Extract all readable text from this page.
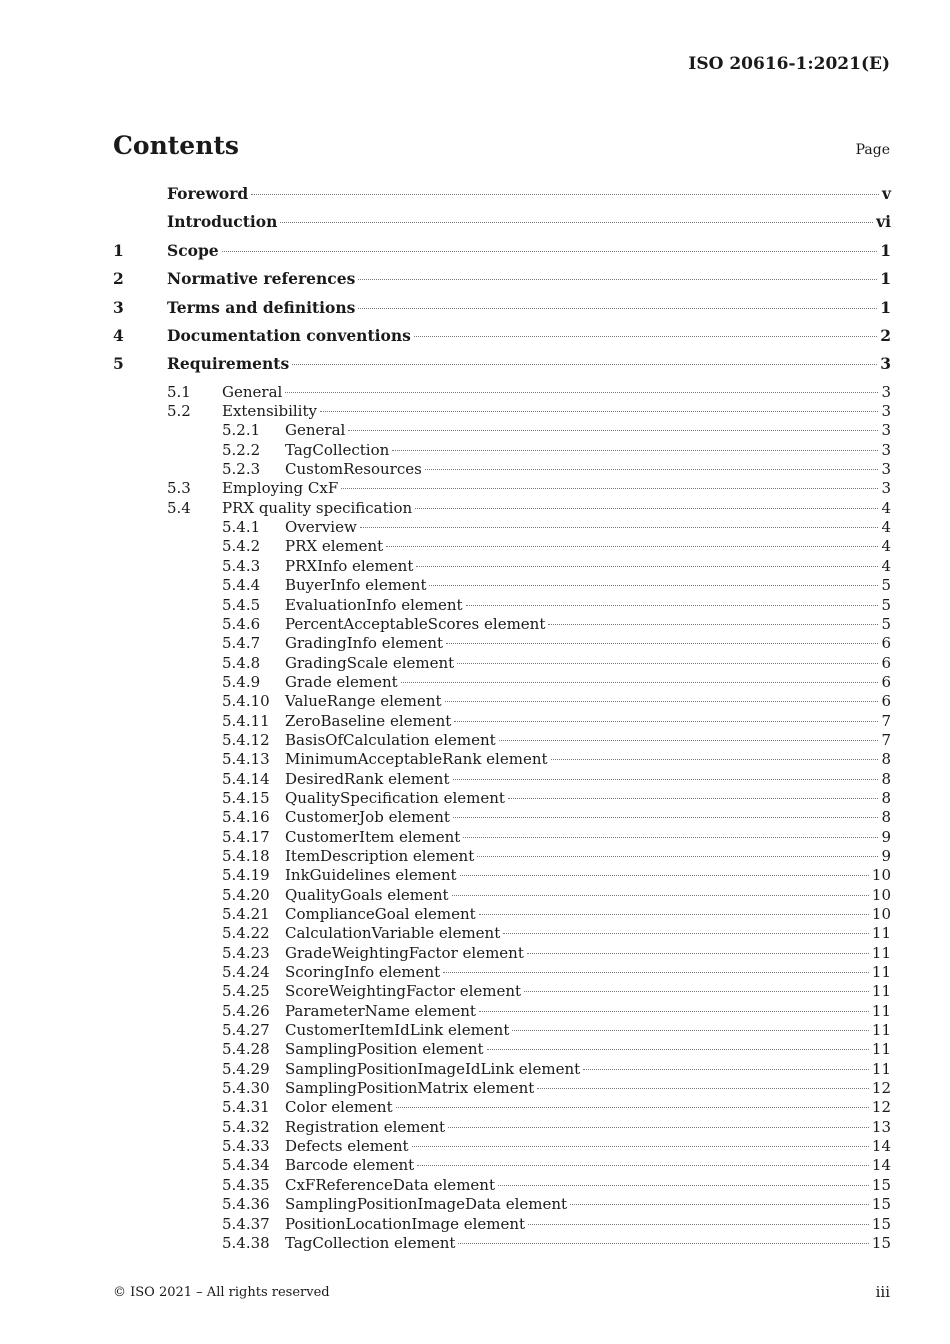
ISO 20616-1:2021(E)
Contents	Page
Foreword	v
Introduction	vi
1	Scope	1
2	Normative references	1
3	Terms and definitions	1
4	Documentation conventions	2
5	Requirements	3
5.1	General	3
5.2	Extensibility	3
5.2.1	General	3
5.2.2	TagCollection	3
5.2.3	CustomResources	3
5.3	Employing CxF	3
5.4	PRX quality specification	4
5.4.1	Overview	4
5.4.2	PRX element	4
5.4.3	PRXInfo element	4
5.4.4	BuyerInfo element	5
5.4.5	EvaluationInfo element	5
5.4.6	PercentAcceptableScores element	5
5.4.7	GradingInfo element	6
5.4.8	GradingScale element	6
5.4.9	Grade element	6
5.4.10	ValueRange element	6
5.4.11	ZeroBaseline element	7
5.4.12	BasisOfCalculation element	7
5.4.13	MinimumAcceptableRank element	8
5.4.14	DesiredRank element	8
5.4.15	QualitySpecification element	8
5.4.16	CustomerJob element	8
5.4.17	CustomerItem element	9
5.4.18	ItemDescription element	9
5.4.19	InkGuidelines element	10
5.4.20	QualityGoals element	10
5.4.21	ComplianceGoal element	10
5.4.22	CalculationVariable element	11
5.4.23	GradeWeightingFactor element	11
5.4.24	ScoringInfo element	11
5.4.25	ScoreWeightingFactor element	11
5.4.26	ParameterName element	11
5.4.27	CustomerItemIdLink element	11
5.4.28	SamplingPosition element	11
5.4.29	SamplingPositionImageIdLink element	11
5.4.30	SamplingPositionMatrix element	12
5.4.31	Color element	12
5.4.32	Registration element	13
5.4.33	Defects element	14
5.4.34	Barcode element	14
5.4.35	CxFReferenceData element	15
5.4.36	SamplingPositionImageData element	15
5.4.37	PositionLocationImage element	15
5.4.38	TagCollection element	15
© ISO 2021 – All rights reserved	iii
